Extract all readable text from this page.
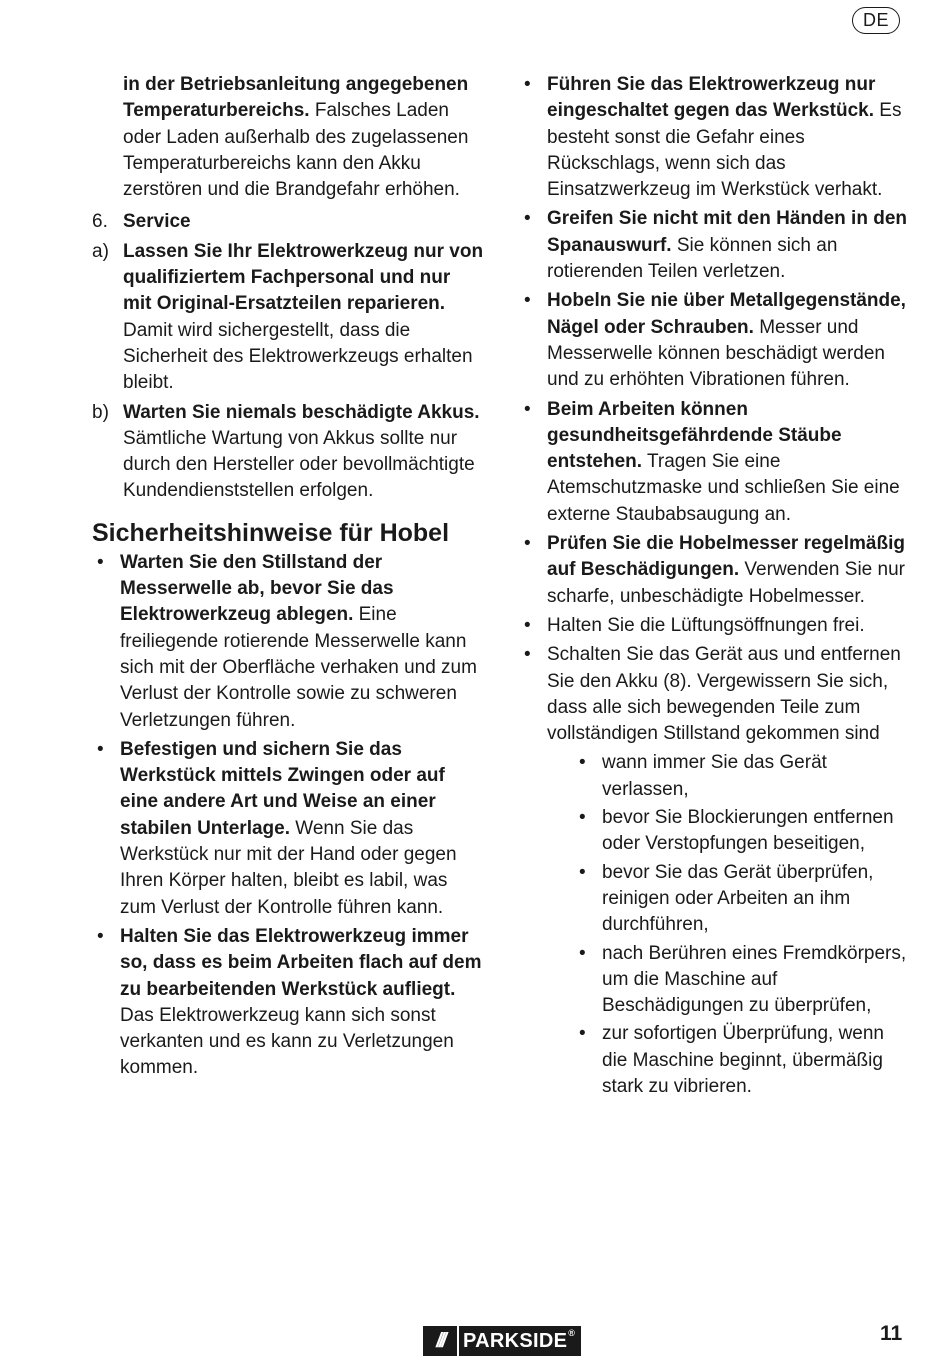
DE

in der Betriebsanleitung angegebenen Temperaturbereichs. Falsches Laden oder Laden außerhalb des zugelassenen Temperaturbereichs kann den Akku zerstören und die Brandgefahr erhöhen.

6. Service
a) Lassen Sie Ihr Elektrowerkzeug nur von qualifiziertem Fachpersonal und nur mit Original-Ersatzteilen reparieren. Damit wird sichergestellt, dass die Sicherheit des Elektrowerkzeugs erhalten bleibt.
b) Warten Sie niemals beschädigte Akkus. Sämtliche Wartung von Akkus sollte nur durch den Hersteller oder bevollmächtigte Kundendienststellen erfolgen.

Sicherheitshinweise für Hobel

• Warten Sie den Stillstand der Messerwelle ab, bevor Sie das Elektrowerkzeug ablegen. Eine freiliegende rotierende Messerwelle kann sich mit der Oberfläche verhaken und zum Verlust der Kontrolle sowie zu schweren Verletzungen führen.
• Befestigen und sichern Sie das Werkstück mittels Zwingen oder auf eine andere Art und Weise an einer stabilen Unterlage. Wenn Sie das Werkstück nur mit der Hand oder gegen Ihren Körper halten, bleibt es labil, was zum Verlust der Kontrolle führen kann.
• Halten Sie das Elektrowerkzeug immer so, dass es beim Arbeiten flach auf dem zu bearbeitenden Werkstück aufliegt. Das Elektrowerkzeug kann sich sonst verkanten und es kann zu Verletzungen kommen.
• Führen Sie das Elektrowerkzeug nur eingeschaltet gegen das Werkstück. Es besteht sonst die Gefahr eines Rückschlags, wenn sich das Einsatzwerkzeug im Werkstück verhakt.
• Greifen Sie nicht mit den Händen in den Spanauswurf. Sie können sich an rotierenden Teilen verletzen.
• Hobeln Sie nie über Metallgegenstände, Nägel oder Schrauben. Messer und Messerwelle können beschädigt werden und zu erhöhten Vibrationen führen.
• Beim Arbeiten können gesundheitsgefährdende Stäube entstehen. Tragen Sie eine Atemschutzmaske und schließen Sie eine externe Staubabsaugung an.
• Prüfen Sie die Hobelmesser regelmäßig auf Beschädigungen. Verwenden Sie nur scharfe, unbeschädigte Hobelmesser.
• Halten Sie die Lüftungsöffnungen frei.
• Schalten Sie das Gerät aus und entfernen Sie den Akku (8). Vergewissern Sie sich, dass alle sich bewegenden Teile zum vollständigen Stillstand gekommen sind
• wann immer Sie das Gerät verlassen,
• bevor Sie Blockierungen entfernen oder Verstopfungen beseitigen,
• bevor Sie das Gerät überprüfen, reinigen oder Arbeiten an ihm durchführen,
• nach Berühren eines Fremdkörpers, um die Maschine auf Beschädigungen zu überprüfen,
• zur sofortigen Überprüfung, wenn die Maschine beginnt, übermäßig stark zu vibrieren.
/// PARKSIDE®	11
